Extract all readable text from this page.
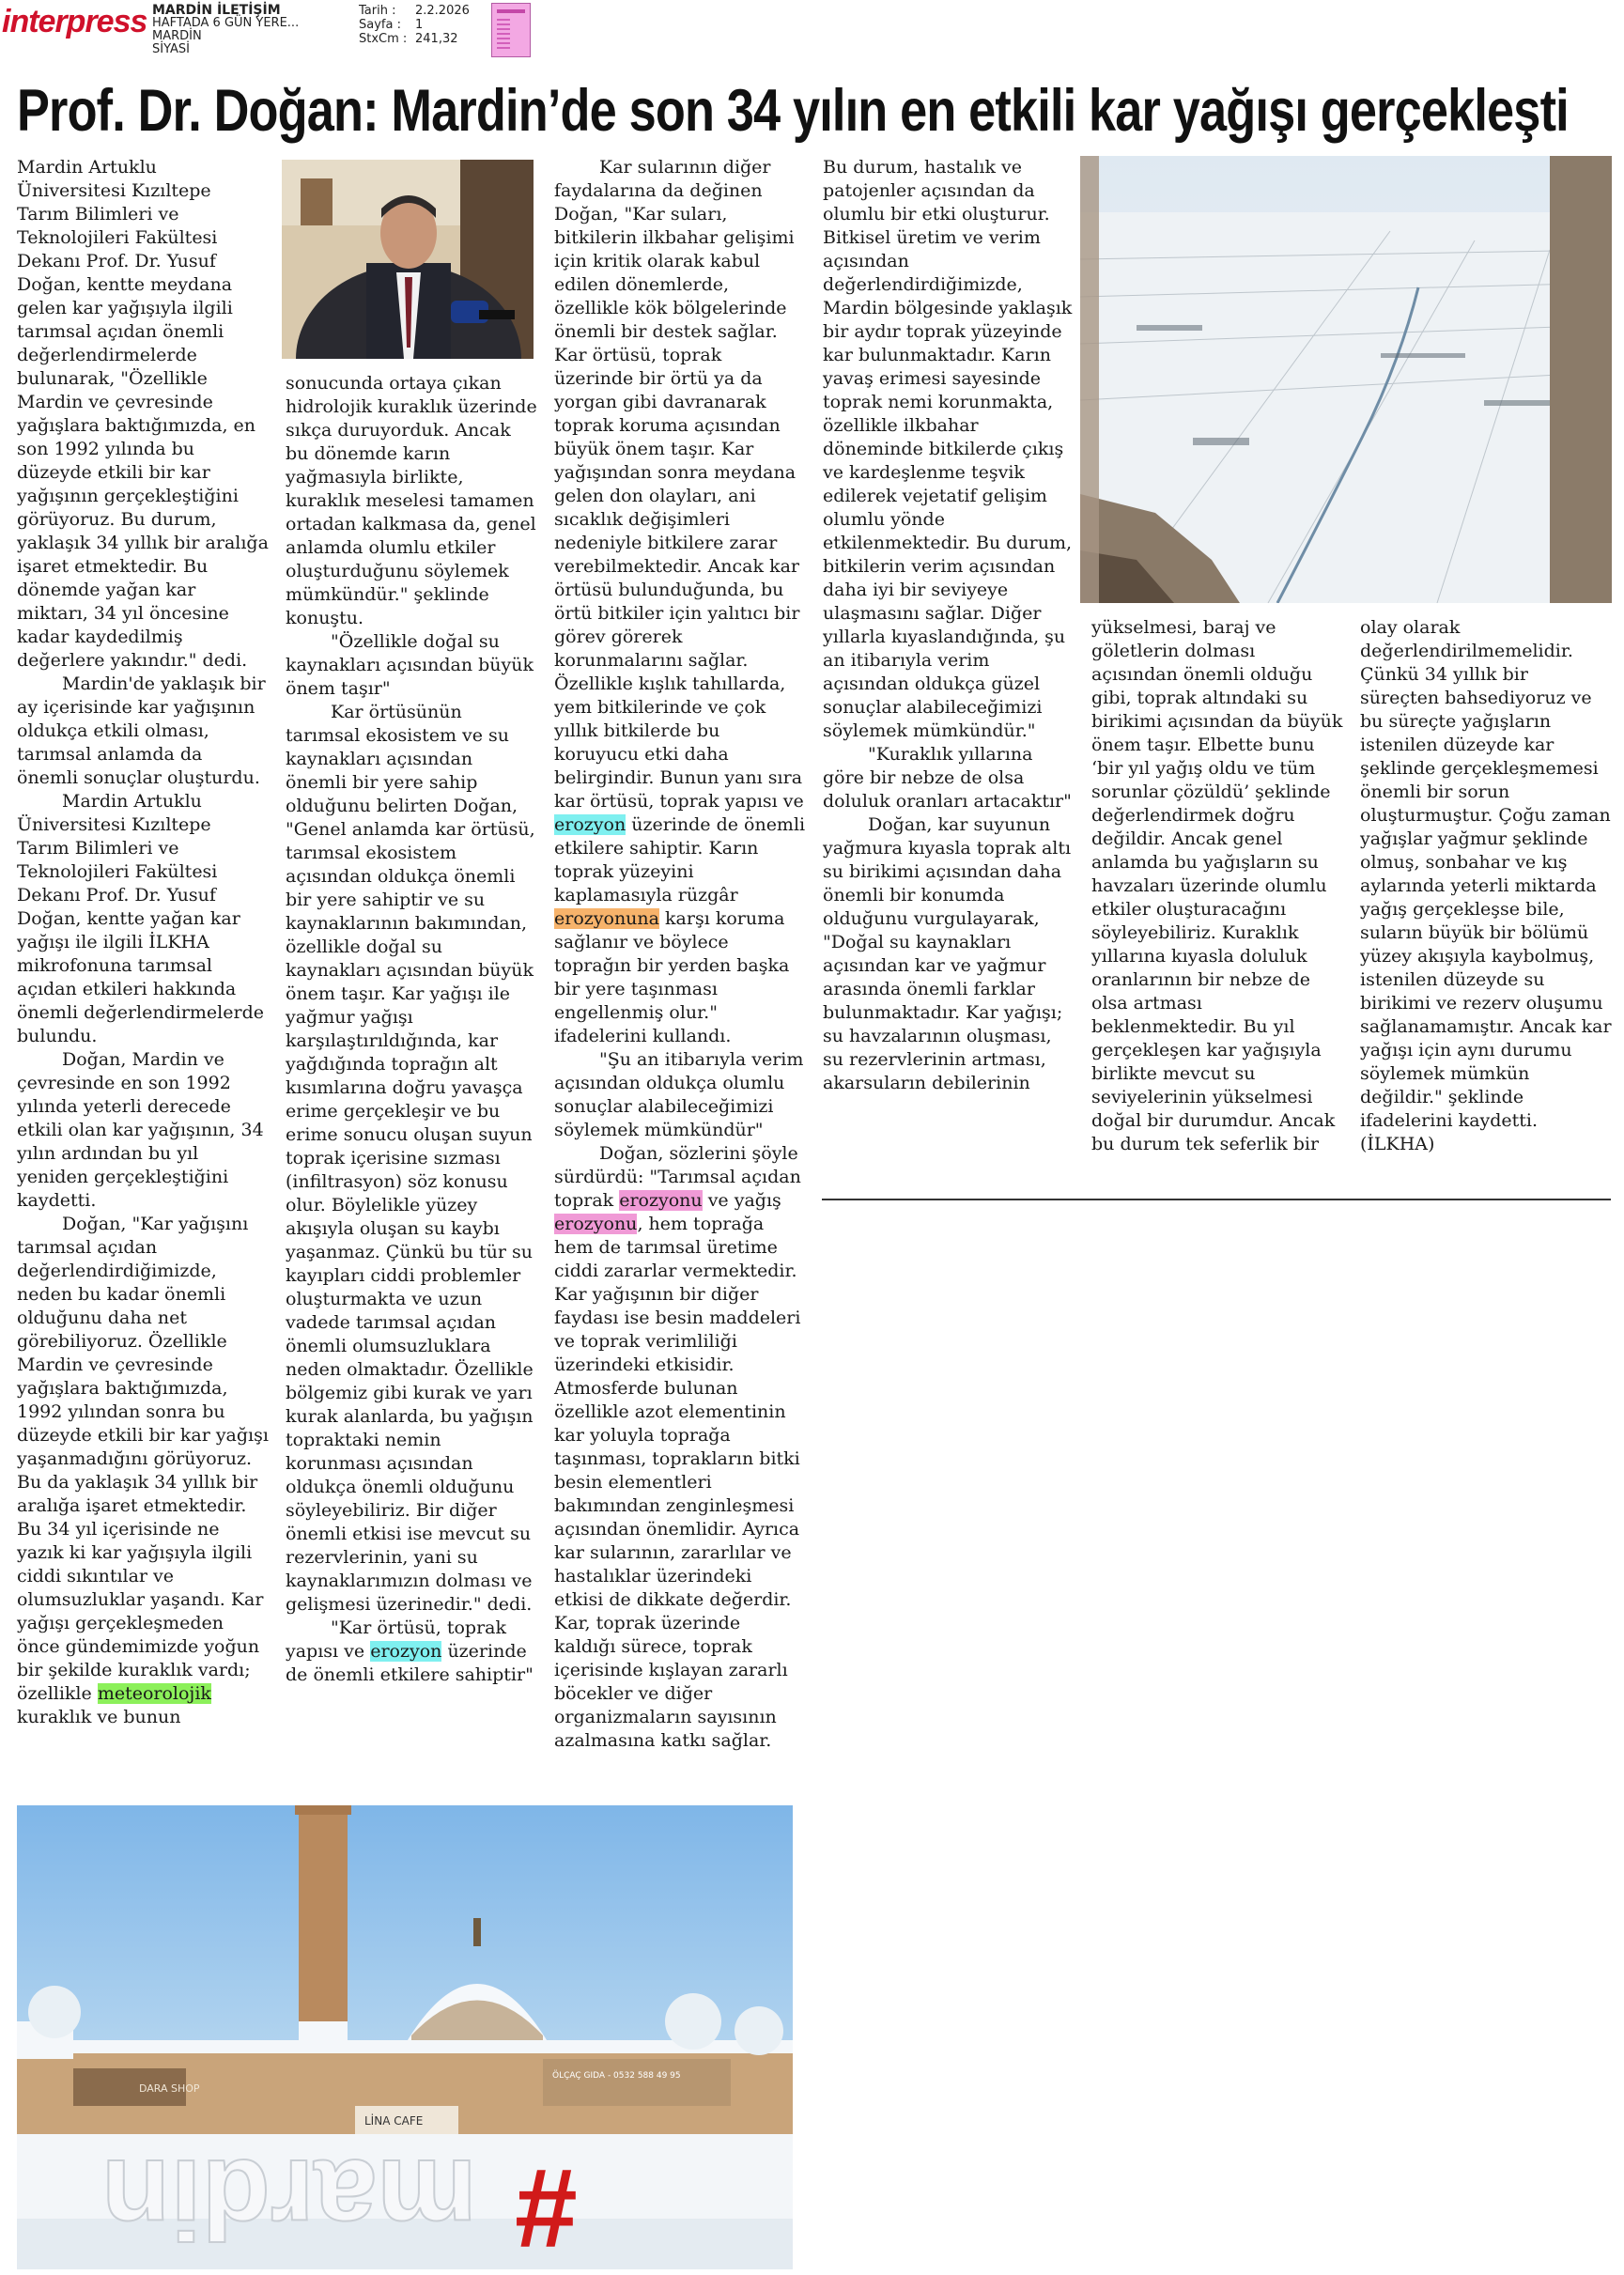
interpress MARDİN İLETİŞİM
HAFTADA 6 GÜN YERE...
MARDİN
SİYASİ
Tarih :	2.2.2026
Sayfa :	1
StxCm : 241,32
Prof. Dr. Doğan: Mardin’de son 34 yılın en etkili kar yağışı gerçekleşti

Mardin Artuklu Üniversitesi Kızıltepe Tarım Bilimleri ve Teknolojileri Fakültesi Dekanı Prof. Dr. Yusuf Doğan, kentte meydana gelen kar yağışıyla ilgili tarımsal açıdan önemli değerlendirmelerde bulunarak, "Özellikle Mardin ve çevresinde yağışlara baktığımızda, en son 1992 yılında bu düzeyde etkili bir kar yağışının gerçekleştiğini görüyoruz. Bu durum, yaklaşık 34 yıllık bir aralığa işaret etmektedir. Bu dönemde yağan kar miktarı, 34 yıl öncesine kadar kaydedilmiş değerlere yakındır." dedi.

Mardin'de yaklaşık bir ay içerisinde kar yağışının oldukça etkili olması, tarımsal anlamda da önemli sonuçlar oluşturdu.

Mardin Artuklu Üniversitesi Kızıltepe Tarım Bilimleri ve Teknolojileri Fakültesi Dekanı Prof. Dr. Yusuf Doğan, kentte yağan kar yağışı ile ilgili İLKHA mikrofonuna tarımsal açıdan etkileri hakkında önemli değerlendirmelerde bulundu.

Doğan, Mardin ve çevresinde en son 1992 yılında yeterli derecede etkili olan kar yağışının, 34 yılın ardından bu yıl yeniden gerçekleştiğini kaydetti.

Doğan, "Kar yağışını tarımsal açıdan değerlendirdiğimizde, neden bu kadar önemli olduğunu daha net görebiliyoruz. Özellikle Mardin ve çevresinde yağışlara baktığımızda, 1992 yılından sonra bu düzeyde etkili bir kar yağışı yaşanmadığını görüyoruz. Bu da yaklaşık 34 yıllık bir aralığa işaret etmektedir. Bu 34 yıl içerisinde ne yazık ki kar yağışıyla ilgili ciddi sıkıntılar ve olumsuzluklar yaşandı. Kar yağışı gerçekleşmeden önce gündemimizde yoğun bir şekilde kuraklık vardı; özellikle meteorolojik kuraklık ve bunun

sonucunda ortaya çıkan hidrolojik kuraklık üzerinde sıkça duruyorduk. Ancak bu dönemde karın yağmasıyla birlikte, kuraklık meselesi tamamen ortadan kalkmasa da, genel anlamda olumlu etkiler oluşturduğunu söylemek mümkündür." şeklinde konuştu.

"Özellikle doğal su kaynakları açısından büyük önem taşır"

Kar örtüsünün tarımsal ekosistem ve su kaynakları açısından önemli bir yere sahip olduğunu belirten Doğan, "Genel anlamda kar örtüsü, tarımsal ekosistem açısından oldukça önemli bir yere sahiptir ve su kaynaklarının bakımından, özellikle doğal su kaynakları açısından büyük önem taşır. Kar yağışı ile yağmur yağışı karşılaştırıldığında, kar yağdığında toprağın alt kısımlarına doğru yavaşça erime gerçekleşir ve bu erime sonucu oluşan suyun toprak içerisine sızması (infiltrasyon) söz konusu olur. Böylelikle yüzey akışıyla oluşan su kaybı yaşanmaz. Çünkü bu tür su kayıpları ciddi problemler oluşturmakta ve uzun vadede tarımsal açıdan önemli olumsuzluklara neden olmaktadır. Özellikle bölgemiz gibi kurak ve yarı kurak alanlarda, bu yağışın topraktaki nemin korunması açısından oldukça önemli olduğunu söyleyebiliriz. Bir diğer önemli etkisi ise mevcut su rezervlerinin, yani su kaynaklarımızın dolması ve gelişmesi üzerinedir." dedi.

"Kar örtüsü, toprak yapısı ve erozyon üzerinde de önemli etkilere sahiptir"

Kar sularının diğer faydalarına da değinen Doğan, "Kar suları, bitkilerin ilkbahar gelişimi için kritik olarak kabul edilen dönemlerde, özellikle kök bölgelerinde önemli bir destek sağlar. Kar örtüsü, toprak üzerinde bir örtü ya da yorgan gibi davranarak toprak koruma açısından büyük önem taşır. Kar yağışından sonra meydana gelen don olayları, ani sıcaklık değişimleri nedeniyle bitkilere zarar verebilmektedir. Ancak kar örtüsü bulunduğunda, bu örtü bitkiler için yalıtıcı bir görev görerek korunmalarını sağlar. Özellikle kışlık tahıllarda, yem bitkilerinde ve çok yıllık bitkilerde bu koruyucu etki daha belirgindir. Bunun yanı sıra kar örtüsü, toprak yapısı ve erozyon üzerinde de önemli etkilere sahiptir. Karın toprak yüzeyini kaplamasıyla rüzgâr erozyonuna karşı koruma sağlanır ve böylece toprağın bir yerden başka bir yere taşınması engellenmiş olur." ifadelerini kullandı.

"Şu an itibarıyla verim açısından oldukça olumlu sonuçlar alabileceğimizi söylemek mümkündür"

Doğan, sözlerini şöyle sürdürdü: "Tarımsal açıdan toprak erozyonu ve yağış erozyonu, hem toprağa hem de tarımsal üretime ciddi zararlar vermektedir. Kar yağışının bir diğer faydası ise besin maddeleri ve toprak verimliliği üzerindeki etkisidir. Atmosferde bulunan özellikle azot elementinin kar yoluyla toprağa taşınması, toprakların bitki besin elementleri bakımından zenginleşmesi açısından önemlidir. Ayrıca kar sularının, zararlılar ve hastalıklar üzerindeki etkisi de dikkate değerdir. Kar, toprak üzerinde kaldığı sürece, toprak içerisinde kışlayan zararlı böcekler ve diğer organizmaların sayısının azalmasına katkı sağlar.

Bu durum, hastalık ve patojenler açısından da olumlu bir etki oluşturur. Bitkisel üretim ve verim açısından değerlendirdiğimizde, Mardin bölgesinde yaklaşık bir aydır toprak yüzeyinde kar bulunmaktadır. Karın yavaş erimesi sayesinde toprak nemi korunmakta, özellikle ilkbahar döneminde bitkilerde çıkış ve kardeşlenme teşvik edilerek vejetatif gelişim olumlu yönde etkilenmektedir. Bu durum, bitkilerin verim açısından daha iyi bir seviyeye ulaşmasını sağlar. Diğer yıllarla kıyaslandığında, şu an itibarıyla verim açısından oldukça güzel sonuçlar alabileceğimizi söylemek mümkündür."

"Kuraklık yıllarına göre bir nebze de olsa doluluk oranları artacaktır"

Doğan, kar suyunun yağmura kıyasla toprak altı su birikimi açısından daha önemli bir konumda olduğunu vurgulayarak, "Doğal su kaynakları açısından kar ve yağmur arasında önemli farklar bulunmaktadır. Kar yağışı; su havzalarının oluşması, su rezervlerinin artması, akarsuların debilerinin

yükselmesi, baraj ve göletlerin dolması açısından önemli olduğu gibi, toprak altındaki su birikimi açısından da büyük önem taşır. Elbette bunu ‘bir yıl yağış oldu ve tüm sorunlar çözüldü’ şeklinde değerlendirmek doğru değildir. Ancak genel anlamda bu yağışların su havzaları üzerinde olumlu etkiler oluşturacağını söyleyebiliriz. Kuraklık yıllarına kıyasla doluluk oranlarının bir nebze de olsa artması beklenmektedir. Bu yıl gerçekleşen kar yağışıyla birlikte mevcut su seviyelerinin yükselmesi doğal bir durumdur. Ancak bu durum tek seferlik bir

olay olarak değerlendirilmemelidir. Çünkü 34 yıllık bir süreçten bahsediyoruz ve bu süreçte yağışların istenilen düzeyde kar şeklinde gerçekleşmemesi önemli bir sorun oluşturmuştur. Çoğu zaman yağışlar yağmur şeklinde olmuş, sonbahar ve kış aylarında yeterli miktarda yağış gerçekleşse bile, suların büyük bir bölümü yüzey akışıyla kaybolmuş, istenilen düzeyde su birikimi ve rezerv oluşumu sağlanamamıştır. Ancak kar yağışı için aynı durumu söylemek mümkün değildir." şeklinde ifadelerini kaydetti. (İLKHA)

LİNA CAFE
DARA SHOP
ÖLÇAÇ GIDA - 0532 588 49 95
mardin #
